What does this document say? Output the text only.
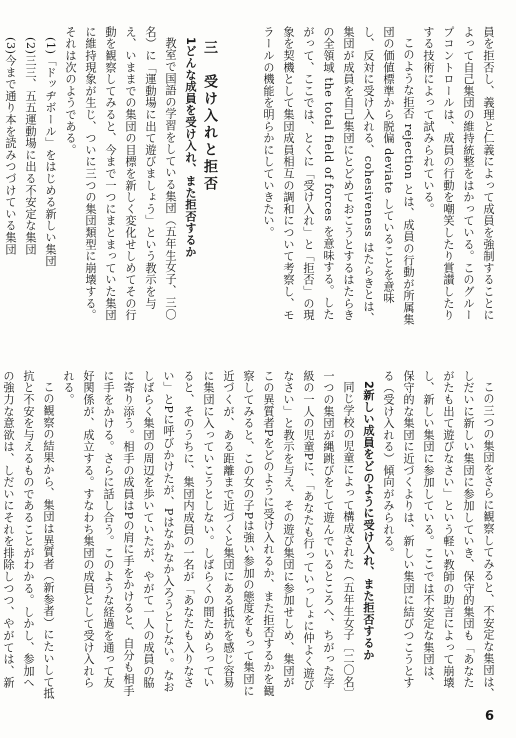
員を拒否し、義理と仁義によって成員を強制することによって自己集団の維持統整をはかっている。このグループコントロールは、成員の行動を嘲笑したり賞讃したりする技術によって試みられている。

このような拒否 rejection とは、成員の行動が所属集団の価値標準から脱偏 deviate していることを意味し、反対に受け入れる、cohesiveness はたらきとは、集団が成員を自己集団にとどめておこうとするはたらきの全領域 the total field of forces を意味する。したがって、ここでは、とくに「受け入れ」と「拒否」の現象を契機として集団成員相互の調和について考察し、モラールの機能を明らかにしていきたい。

三　受け入れと拒否

1どんな成員を受け入れ、また拒否するか

教室で国語の学習をしている集団（五年生女子、三〇名）に「運動場に出て遊びましょう」という教示を与え、いままでの集団の目標を新しく変化せしめてその行動を観察してみると、今まで一つにまとまっていた集団に維持現象が生じ、ついに三つの集団類型に崩壊する。それは次のようである。

(1)「ドッヂボール」をはじめる新しい集団

(2)三三、五五運動場に出る不安定な集団

(3)今まで通り本を読みつづけている集団

この三つの集団をさらに観察してみると、不安定な集団は、しだいに新しい集団に参加していき、保守的集団も「あなたがたも出て遊びなさい」という軽い教師の助言によって崩壊し、新しい集団に参加している。ここでは不安定な集団は、保守的な集団に近づくよりは、新しい集団に結びつこうとする（受け入れる）傾向がみられる。

2新しい成員をどのように受け入れ、また拒否するか

同じ学校の児童によって構成された（五年生女子〔二〇名〕一つの集団が縄跳びをして遊んでいるところへ、ちがった学級の一人の児童Pに、「あなたも行っていっしょに仲よく遊びなさい」と教示を与え、その遊び集団に参加せしめ、集団がこの異質者Pをどのように受け入れるか、また拒否するかを観察してみると、この女の子Pは強い参加の態度をもって集団に近づくが、ある距離まで近づくと集団にある抵抗を感じ容易に集団に入っていこうとしない。しばらくの間ためらっていると、そのうちに、集団内成員の一名が「あなたも入りなさい」とPに呼びかけたが、Pはなかなか入ろうとしない。なおしばらく集団の周辺を歩いていたが、やがて一人の成員の脇に寄り添う。相手の成員はPの肩に手をかけると、自分も相手に手をかける。さらに話し合う。このような経過を通って友好関係が、成立する。すなわち集団の成員として受け入れられる。

この観察の結果から、集団は異質者（新参者）にたいして抵抗と不安を与えるものであることがわかる。しかし、参加への強力な意欲は、しだいにそれを排除しつつ、やがては、新

6
